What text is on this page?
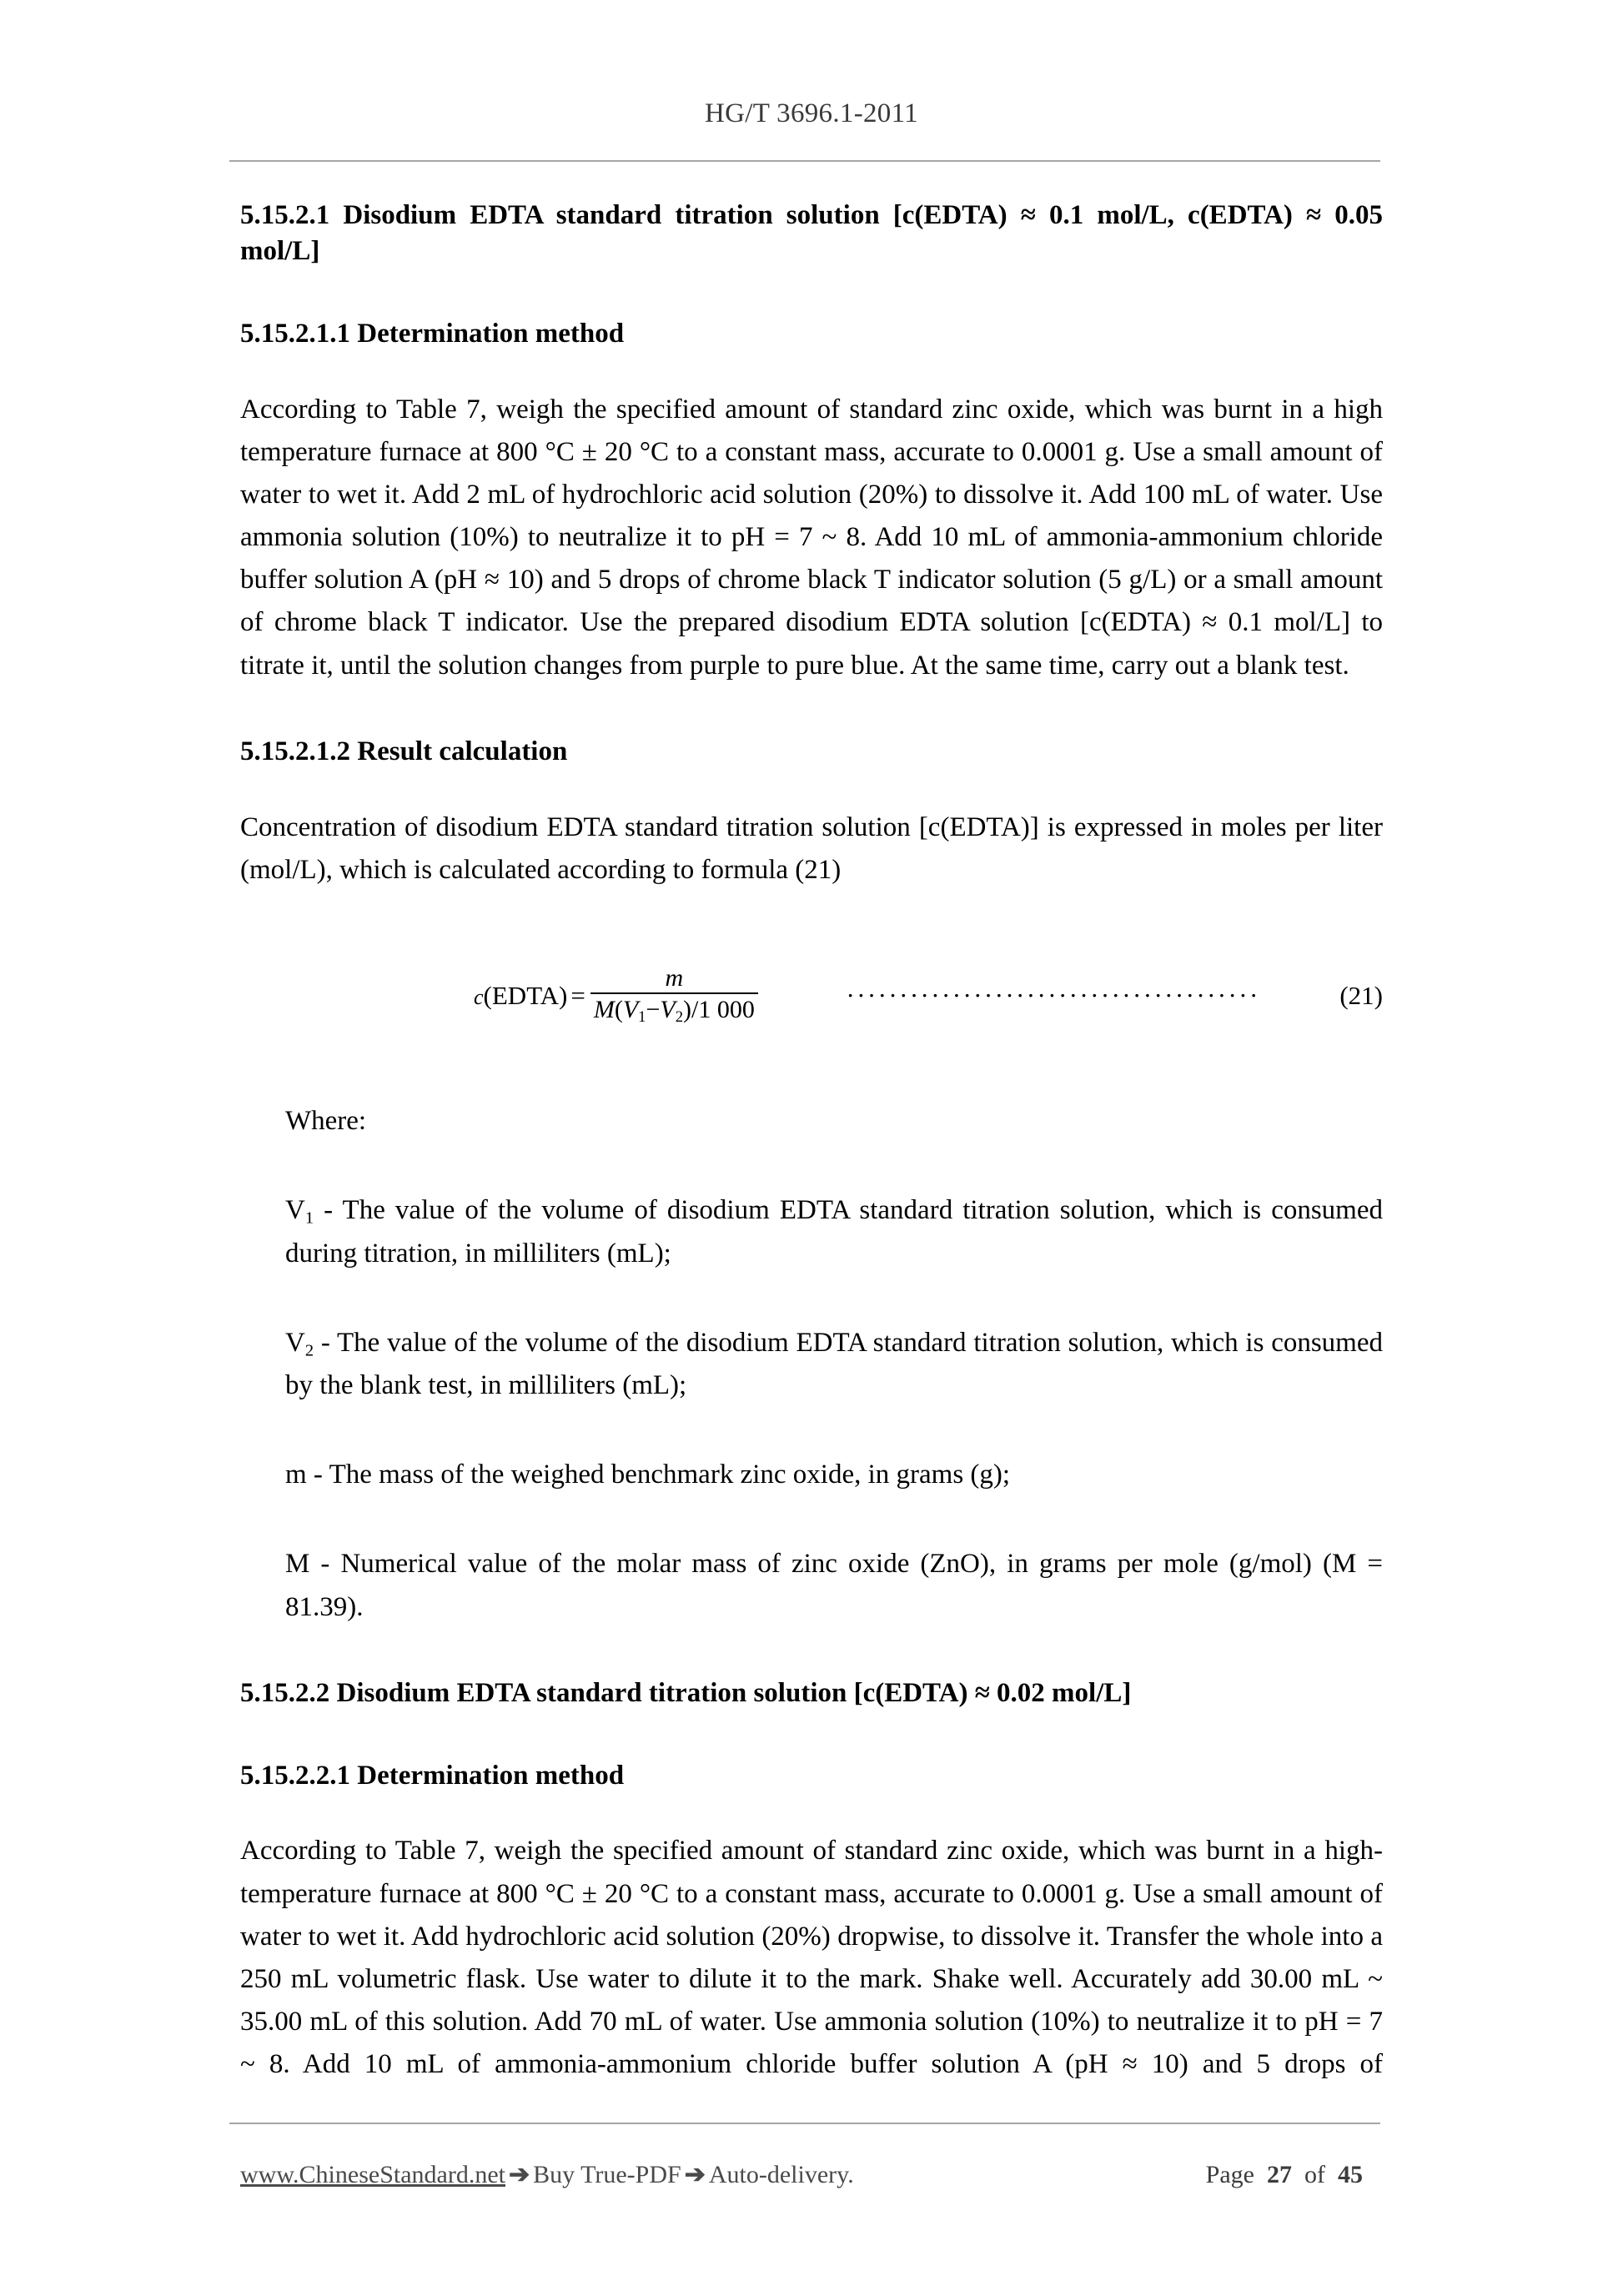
HG/T 3696.1-2011
5.15.2.1 Disodium EDTA standard titration solution [c(EDTA) ≈ 0.1 mol/L, c(EDTA) ≈ 0.05 mol/L]
5.15.2.1.1 Determination method

According to Table 7, weigh the specified amount of standard zinc oxide, which was burnt in a high temperature furnace at 800 °C ± 20 °C to a constant mass, accurate to 0.0001 g. Use a small amount of water to wet it. Add 2 mL of hydrochloric acid solution (20%) to dissolve it. Add 100 mL of water. Use ammonia solution (10%) to neutralize it to pH = 7 ~ 8. Add 10 mL of ammonia-ammonium chloride buffer solution A (pH ≈ 10) and 5 drops of chrome black T indicator solution (5 g/L) or a small amount of chrome black T indicator. Use the prepared disodium EDTA solution [c(EDTA) ≈ 0.1 mol/L] to titrate it, until the solution changes from purple to pure blue. At the same time, carry out a blank test.

5.15.2.1.2 Result calculation

Concentration of disodium EDTA standard titration solution [c(EDTA)] is expressed in moles per liter (mol/L), which is calculated according to formula (21)

c(EDTA) = $\frac{m}{M(V_1-V_2)/1 000}$	·······································	(21)

Where:

$V_1$ - The value of the volume of disodium EDTA standard titration solution, which is consumed during titration, in milliliters (mL);

$V_2$ - The value of the volume of the disodium EDTA standard titration solution, which is consumed by the blank test, in milliliters (mL);

m - The mass of the weighed benchmark zinc oxide, in grams (g);

M - Numerical value of the molar mass of zinc oxide (ZnO), in grams per mole (g/mol) (M = 81.39).

5.15.2.2 Disodium EDTA standard titration solution [c(EDTA) ≈ 0.02 mol/L]
5.15.2.2.1 Determination method

According to Table 7, weigh the specified amount of standard zinc oxide, which was burnt in a high-temperature furnace at 800 °C ± 20 °C to a constant mass, accurate to 0.0001 g. Use a small amount of water to wet it. Add hydrochloric acid solution (20%) dropwise, to dissolve it. Transfer the whole into a 250 mL volumetric flask. Use water to dilute it to the mark. Shake well. Accurately add 30.00 mL ~ 35.00 mL of this solution. Add 70 mL of water. Use ammonia solution (10%) to neutralize it to pH = 7 ~ 8. Add 10 mL of ammonia-ammonium chloride buffer solution A (pH ≈ 10) and 5 drops of

www.ChineseStandard.net ➔ Buy True-PDF ➔ Auto-delivery.	Page 27 of 45
